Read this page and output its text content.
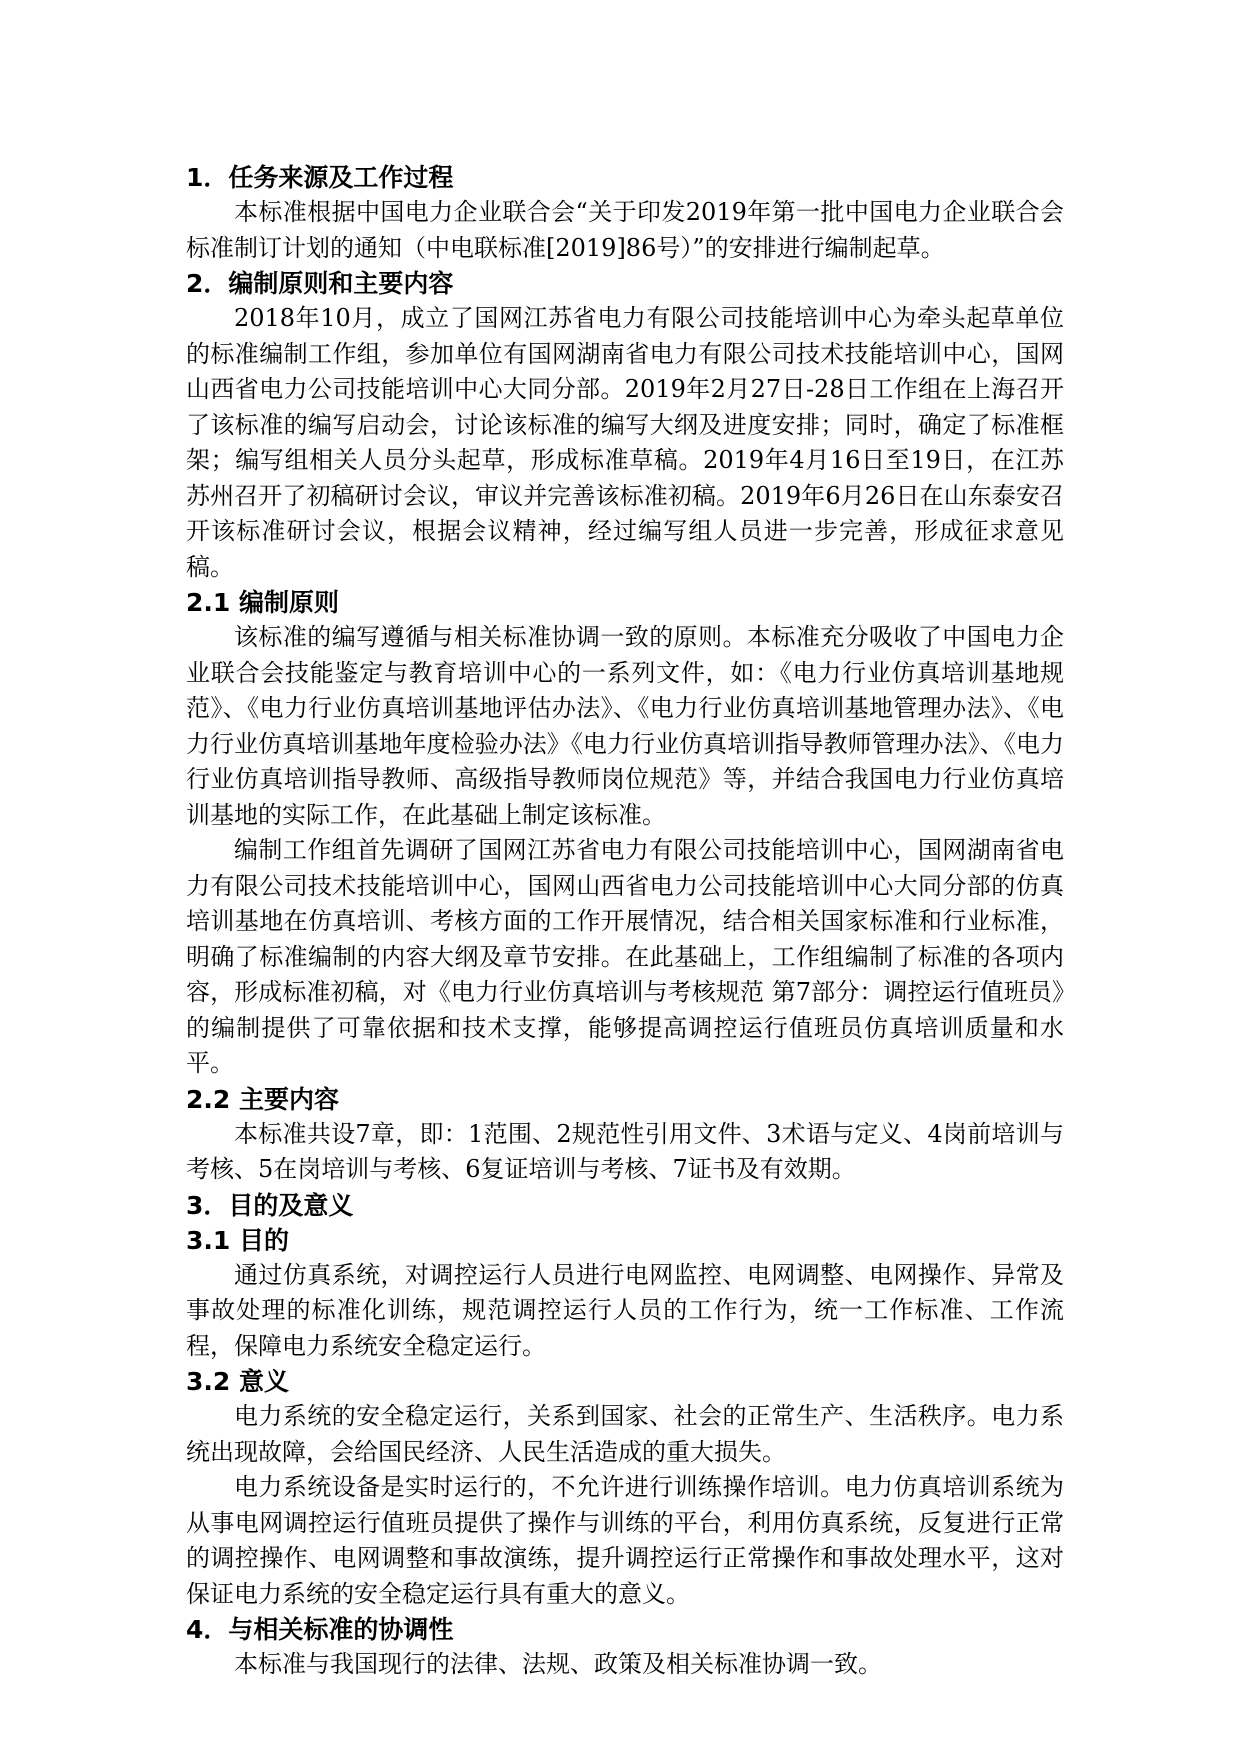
1．任务来源及工作过程

本标准根据中国电力企业联合会“关于印发2019年第一批中国电力企业联合会标准制订计划的通知（中电联标准[2019]86号）”的安排进行编制起草。

2．编制原则和主要内容

2018年10月，成立了国网江苏省电力有限公司技能培训中心为牵头起草单位的标准编制工作组，参加单位有国网湖南省电力有限公司技术技能培训中心，国网山西省电力公司技能培训中心大同分部。2019年2月27日-28日工作组在上海召开了该标准的编写启动会，讨论该标准的编写大纲及进度安排；同时，确定了标准框架；编写组相关人员分头起草，形成标准草稿。2019年4月16日至19日，在江苏苏州召开了初稿研讨会议，审议并完善该标准初稿。2019年6月26日在山东泰安召开该标准研讨会议，根据会议精神，经过编写组人员进一步完善，形成征求意见稿。

2.1 编制原则

该标准的编写遵循与相关标准协调一致的原则。本标准充分吸收了中国电力企业联合会技能鉴定与教育培训中心的一系列文件，如：《电力行业仿真培训基地规范》、《电力行业仿真培训基地评估办法》、《电力行业仿真培训基地管理办法》、《电力行业仿真培训基地年度检验办法》《电力行业仿真培训指导教师管理办法》、《电力行业仿真培训指导教师、高级指导教师岗位规范》等，并结合我国电力行业仿真培训基地的实际工作，在此基础上制定该标准。

编制工作组首先调研了国网江苏省电力有限公司技能培训中心，国网湖南省电力有限公司技术技能培训中心，国网山西省电力公司技能培训中心大同分部的仿真培训基地在仿真培训、考核方面的工作开展情况，结合相关国家标准和行业标准，明确了标准编制的内容大纲及章节安排。在此基础上，工作组编制了标准的各项内容，形成标准初稿，对《电力行业仿真培训与考核规范 第7部分：调控运行值班员》的编制提供了可靠依据和技术支撑，能够提高调控运行值班员仿真培训质量和水平。

2.2 主要内容

本标准共设7章，即：1范围、2规范性引用文件、3术语与定义、4岗前培训与考核、5在岗培训与考核、6复证培训与考核、7证书及有效期。

3．目的及意义
3.1 目的

通过仿真系统，对调控运行人员进行电网监控、电网调整、电网操作、异常及事故处理的标准化训练，规范调控运行人员的工作行为，统一工作标准、工作流程，保障电力系统安全稳定运行。

3.2 意义

电力系统的安全稳定运行，关系到国家、社会的正常生产、生活秩序。电力系统出现故障，会给国民经济、人民生活造成的重大损失。

电力系统设备是实时运行的，不允许进行训练操作培训。电力仿真培训系统为从事电网调控运行值班员提供了操作与训练的平台，利用仿真系统，反复进行正常的调控操作、电网调整和事故演练，提升调控运行正常操作和事故处理水平，这对保证电力系统的安全稳定运行具有重大的意义。

4．与相关标准的协调性

本标准与我国现行的法律、法规、政策及相关标准协调一致。
